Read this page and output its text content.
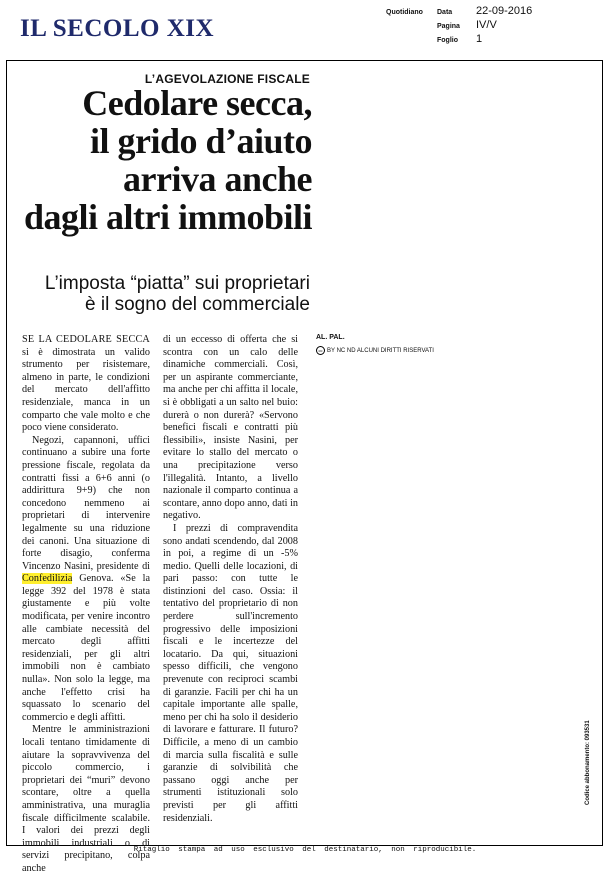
IL SECOLO XIX
Quotidiano Data 22-09-2016
Pagina IV/V
Foglio 1
L’AGEVOLAZIONE FISCALE
Cedolare secca,
il grido d’aiuto
arriva anche
dagli altri immobili
L’imposta “piatta” sui proprietari
è il sogno del commerciale

SE LA CEDOLARE SECCA si è dimostrata un valido strumento per risistemare, almeno in parte, le condizioni del mercato dell'affitto residenziale, manca in un comparto che vale molto e che poco viene considerato.

Negozi, capannoni, uffici continuano a subire una forte pressione fiscale, regolata da contratti fissi a 6+6 anni (o addirittura 9+9) che non concedono nemmeno ai proprietari di intervenire legalmente su una riduzione dei canoni. Una situazione di forte disagio, conferma Vincenzo Nasini, presidente di Confedilizia Genova. «Se la legge 392 del 1978 è stata giustamente e più volte modificata, per venire incontro alle cambiate necessità del mercato degli affitti residenziali, per gli altri immobili non è cambiato nulla». Non solo la legge, ma anche l'effetto crisi ha squassato lo scenario del commercio e degli affitti.

Mentre le amministrazioni locali tentano timidamente di aiutare la sopravvivenza del piccolo commercio, i proprietari dei “muri” devono scontare, oltre a quella amministrativa, una muraglia fiscale difficilmente scalabile. I valori dei prezzi degli immobili industriali o di servizi precipitano, colpa anche

di un eccesso di offerta che si scontra con un calo delle dinamiche commerciali. Così, per un aspirante commerciante, ma anche per chi affitta il locale, si è obbligati a un salto nel buio: durerà o non durerà? «Servono benefici fiscali e contratti più flessibili», insiste Nasini, per evitare lo stallo del mercato o una precipitazione verso l'illegalità. Intanto, a livello nazionale il comparto continua a scontare, anno dopo anno, dati in negativo.

I prezzi di compravendita sono andati scendendo, dal 2008 in poi, a regime di un -5% medio. Quelli delle locazioni, di pari passo: con tutte le distinzioni del caso. Ossia: il tentativo del proprietario di non perdere sull'incremento progressivo delle imposizioni fiscali e le incertezze del locatario. Da qui, situazioni spesso difficili, che vengono prevenute con reciproci scambi di garanzie. Facili per chi ha un capitale importante alle spalle, meno per chi ha solo il desiderio di lavorare e fatturare. Il futuro? Difficile, a meno di un cambio di marcia sulla fiscalità e sulle garanzie di solvibilità che passano oggi anche per strumenti istituzionali solo previsti per gli affitti residenziali.

AL. PAL.
cc BY NC ND ALCUNI DIRITTI RISERVATI
Ritaglio stampa ad uso esclusivo del destinatario, non riproducibile.
Codice abbonamento: 093531
